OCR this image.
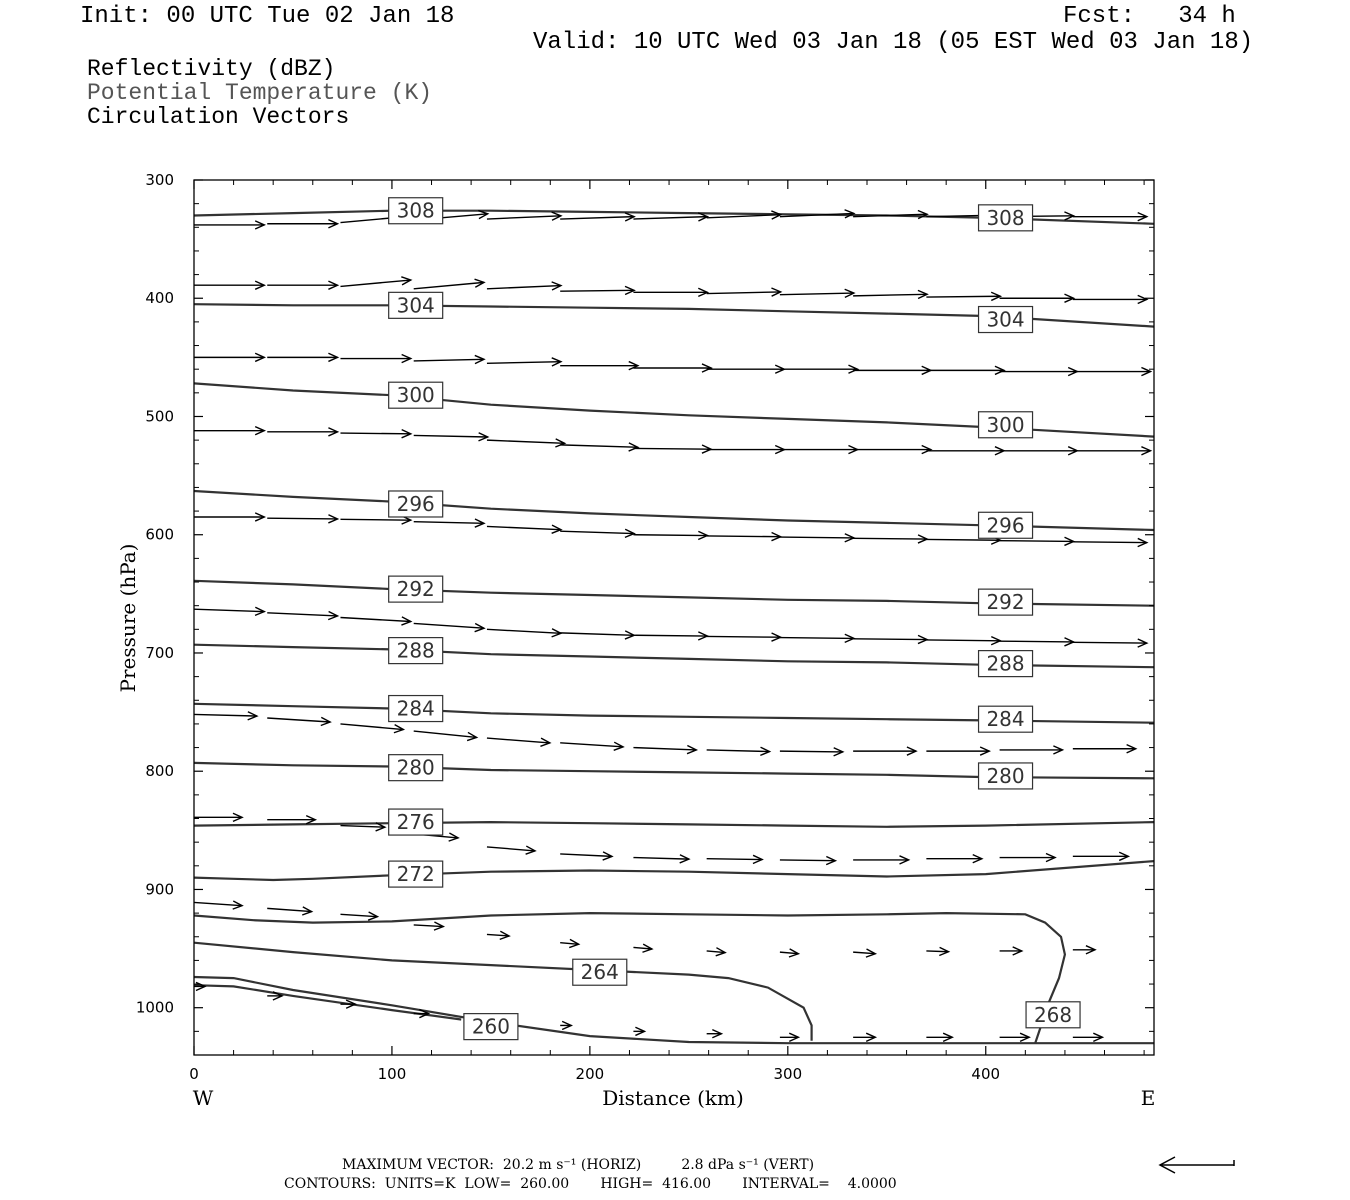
Init: 00 UTC Tue 02 Jan 18	Fcst:   34 h
Valid: 10 UTC Wed 03 Jan 18 (05 EST Wed 03 Jan 18)
Reflectivity (dBZ)
Potential Temperature (K)
Circulation Vectors
308	308
304
304
300
300
296
296
292
292
288
288
284	284
280	280
276
272
268
264
260
0	100	200	300	400
300
400
500
600
700
800
900
1000
Distance (km)
W	E
Pressure (hPa)
MAXIMUM VECTOR:  20.2 m s⁻¹ (HORIZ)         2.8 dPa s⁻¹ (VERT)
CONTOURS:  UNITS=K  LOW=  260.00       HIGH=  416.00       INTERVAL=    4.0000
